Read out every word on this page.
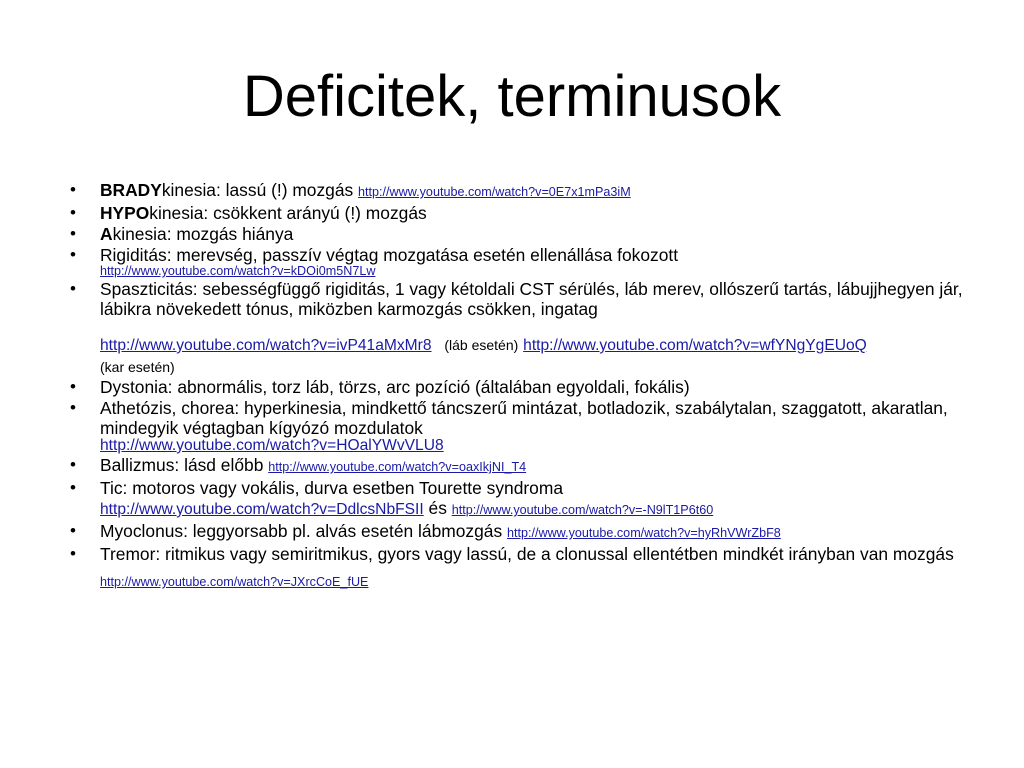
Deficitek, terminusok
• BRADYkinesia: lassú (!) mozgás http://www.youtube.com/watch?v=0E7x1mPa3iM
• HYPOkinesia: csökkent arányú (!) mozgás
• Akinesia: mozgás hiánya
• Rigiditás: merevség, passzív végtag mozgatása esetén ellenállása fokozott
http://www.youtube.com/watch?v=kDOi0m5N7Lw
• Spaszticitás: sebességfüggő rigiditás, 1 vagy kétoldali CST sérülés, láb merev, ollószerű tartás, lábujjhegyen jár, lábikra növekedett tónus, miközben karmozgás csökken, ingatag
http://www.youtube.com/watch?v=ivP41aMxMr8 (láb esetén) http://www.youtube.com/watch?v=wfYNgYgEUoQ
(kar esetén)
• Dystonia: abnormális, torz láb, törzs, arc pozíció (általában egyoldali, fokális)
• Athetózis, chorea: hyperkinesia, mindkettő táncszerű mintázat, botladozik, szabálytalan, szaggatott, akaratlan, mindegyik végtagban kígyózó mozdulatok
http://www.youtube.com/watch?v=HOalYWvVLU8
• Ballizmus: lásd előbb http://www.youtube.com/watch?v=oaxIkjNI_T4
• Tic: motoros vagy vokális, durva esetben Tourette syndroma
http://www.youtube.com/watch?v=DdlcsNbFSII és http://www.youtube.com/watch?v=-N9lT1P6t60
• Myoclonus: leggyorsabb pl. alvás esetén lábmozgás http://www.youtube.com/watch?v=hyRhVWrZbF8
• Tremor: ritmikus vagy semiritmikus, gyors vagy lassú, de a clonussal ellentétben mindkét irányban van mozgás
http://www.youtube.com/watch?v=JXrcCoE_fUE
